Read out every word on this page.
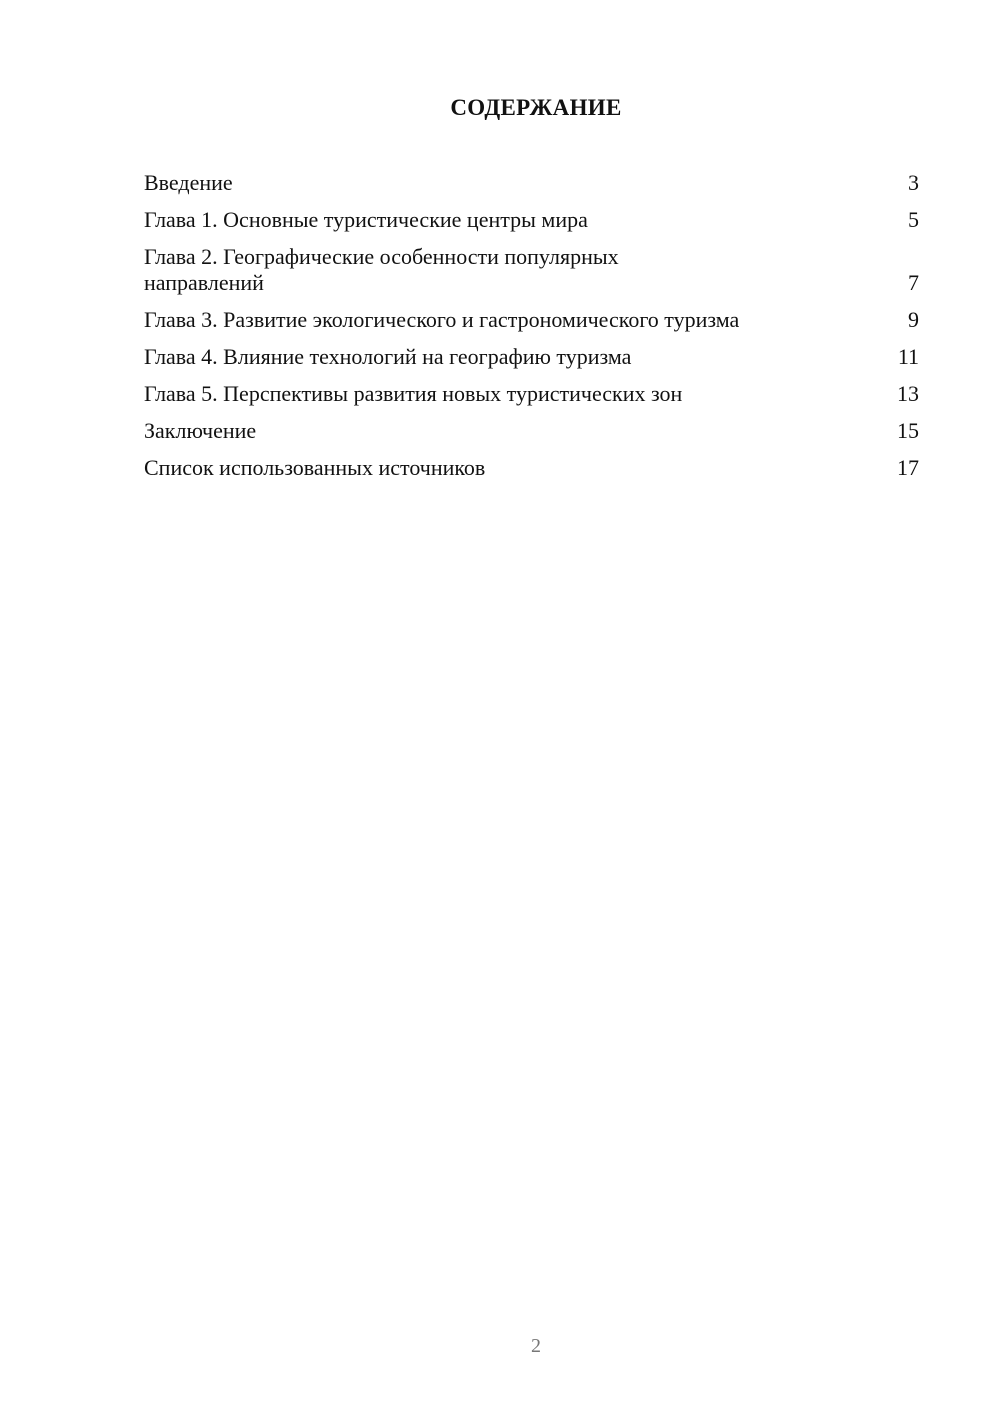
СОДЕРЖАНИЕ
Введение	3
Глава 1. Основные туристические центры мира	5
Глава 2. Географические особенности популярных направлений	7
Глава 3. Развитие экологического и гастрономического туризма	9
Глава 4. Влияние технологий на географию туризма	11
Глава 5. Перспективы развития новых туристических зон	13
Заключение	15
Список использованных источников	17
2
